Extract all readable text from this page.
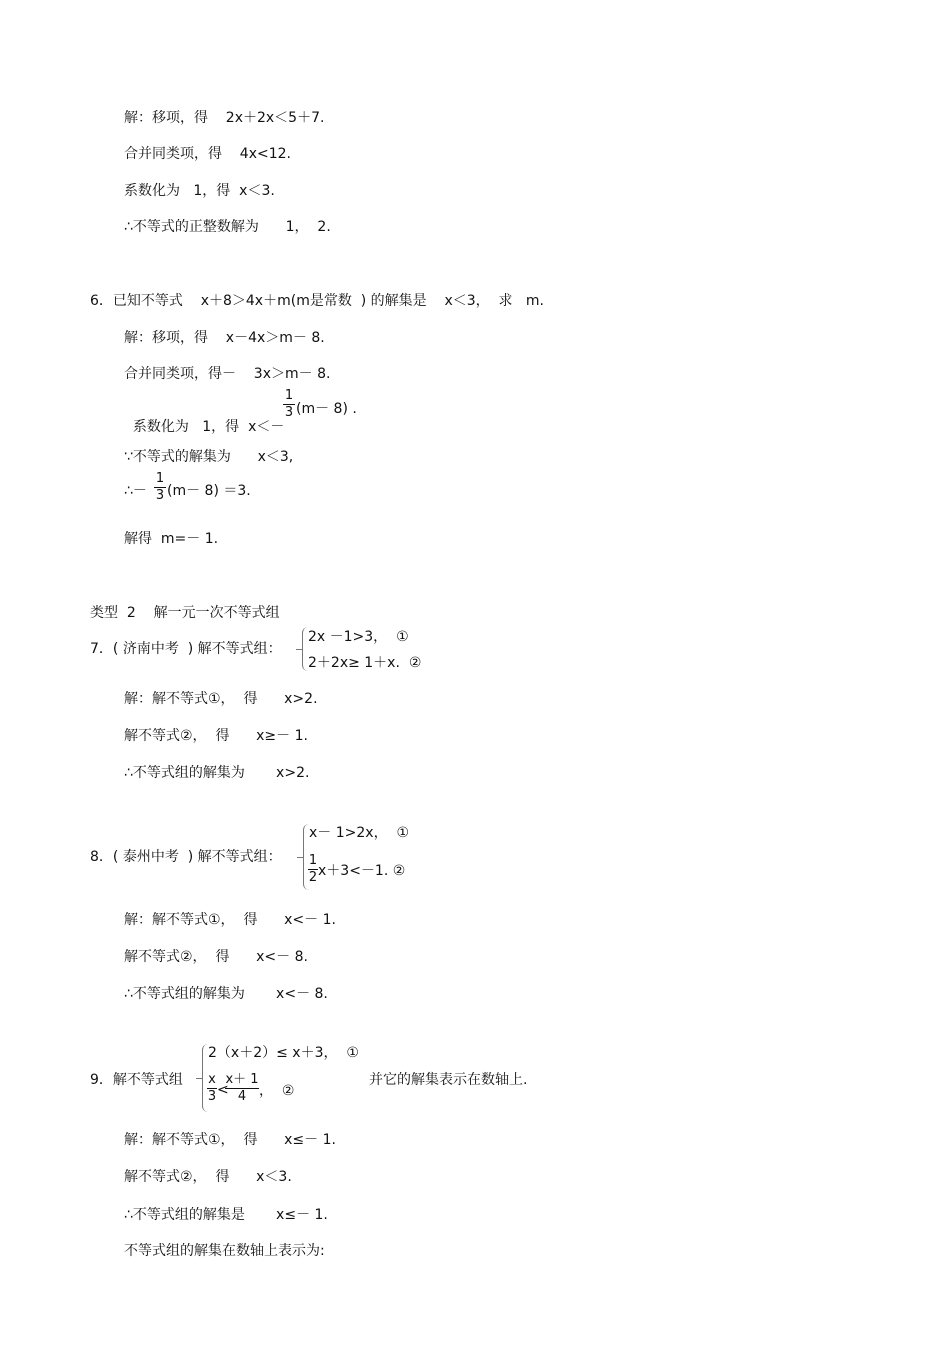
解：移项，得    2x＋2x＜5＋7.
合并同类项，得    4x<12.
系数化为   1，得  x＜3.
∴不等式的正整数解为      1，  2.
6．已知不等式    x＋8＞4x＋m(m是常数  ) 的解集是    x＜3，  求   m.
解：移项，得    x－4x＞m－ 8.
合并同类项，得－    3x＞m－ 8.

系数化为   1，得  x＜－

1
3 (m－ 8) .
∵不等式的解集为      x＜3,
∴－
1
3 (m－ 8) ＝3.
解得  m=－ 1.
类型  2    解一元一次不等式组
7．( 济南中考  ) 解不等式组：
2x －1>3，  ①
2＋2x≥ 1＋x.  ②
解：解不等式①，  得      x>2.
解不等式②，  得      x≥－ 1.
∴不等式组的解集为       x>2.
8．( 泰州中考  ) 解不等式组：
x－ 1>2x，  ①
1
2 x＋3<－1. ②
解：解不等式①，  得      x<－ 1.
解不等式②，  得      x<－ 8.
∴不等式组的解集为       x<－ 8.
9．解不等式组
2（x＋2）≤ x＋3，  ①
x
3 <
x＋ 1
4 ，  ②
并它的解集表示在数轴上.
解：解不等式①，  得      x≤－ 1.
解不等式②，  得      x＜3.
∴不等式组的解集是       x≤－ 1.
不等式组的解集在数轴上表示为:
